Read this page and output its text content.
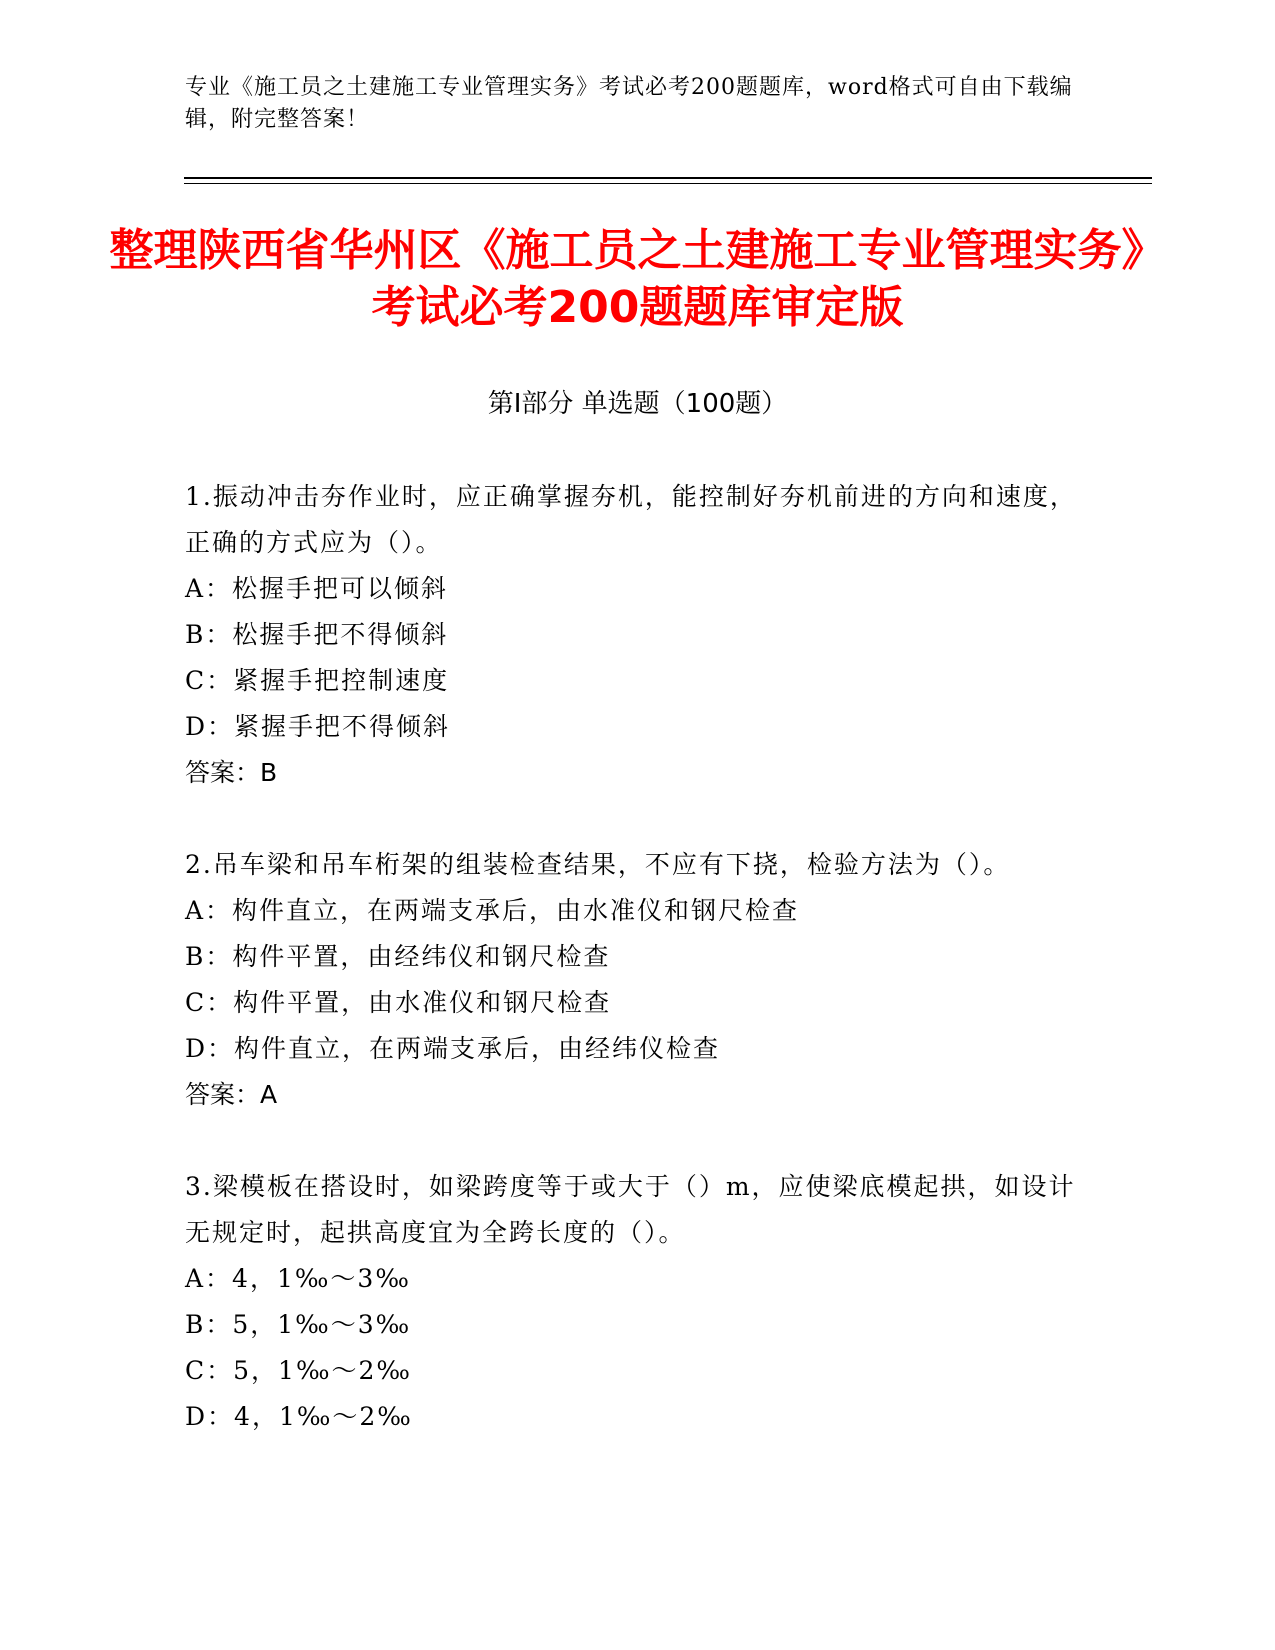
专业《施工员之土建施工专业管理实务》考试必考200题题库，word格式可自由下载编辑，附完整答案！
整理陕西省华州区《施工员之土建施工专业管理实务》考试必考200题题库审定版
第Ⅰ部分 单选题（100题）
1.振动冲击夯作业时，应正确掌握夯机，能控制好夯机前进的方向和速度，正确的方式应为（）。
A：松握手把可以倾斜
B：松握手把不得倾斜
C：紧握手把控制速度
D：紧握手把不得倾斜
答案：B
2.吊车梁和吊车桁架的组装检查结果，不应有下挠，检验方法为（）。
A：构件直立，在两端支承后，由水准仪和钢尺检查
B：构件平置，由经纬仪和钢尺检查
C：构件平置，由水准仪和钢尺检查
D：构件直立，在两端支承后，由经纬仪检查
答案：A
3.梁模板在搭设时，如梁跨度等于或大于（）m，应使梁底模起拱，如设计无规定时，起拱高度宜为全跨长度的（）。
A：4，1‰～3‰
B：5，1‰～3‰
C：5，1‰～2‰
D：4，1‰～2‰
